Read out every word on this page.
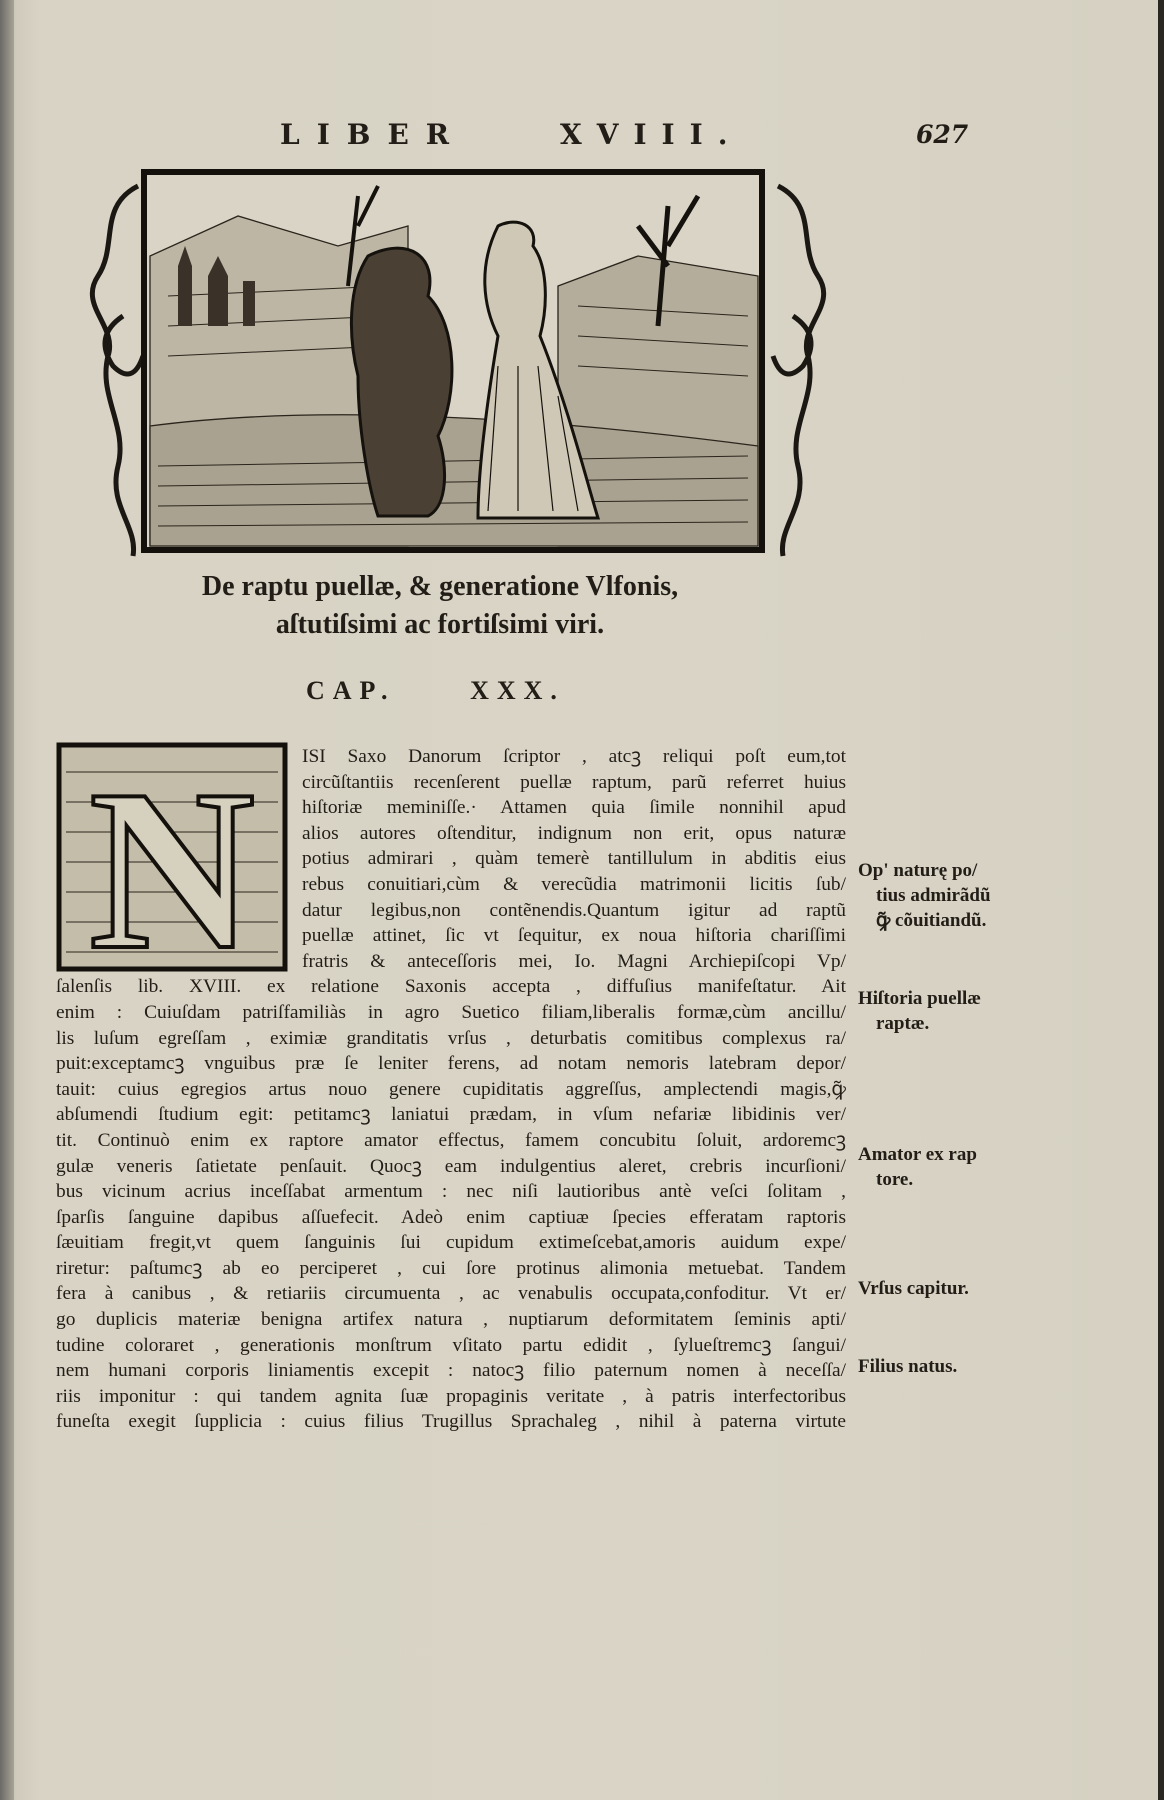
LIBER	XVIII.	627
De raptu puellæ, & generatione Vlfonis,
aſtutiſsimi ac fortiſsimi viri.
CAP.	XXX.
N ISI Saxo Danorum ſcriptor , atcꝫ reliqui poſt eum,tot
circũſtantiis recenſerent puellæ raptum, parũ referret huius
hiſtoriæ meminiſſe.· Attamen quia ſimile nonnihil apud
alios autores oſtenditur, indignum non erit, opus naturæ
potius admirari , quàm temerè tantillulum in abditis eius
rebus conuitiari,cùm & verecũdia matrimonii licitis ſub/
datur legibus,non contẽnendis.Quantum igitur ad raptũ
puellæ attinet, ſic vt ſequitur, ex noua hiſtoria chariſſimi
fratris & anteceſſoris mei, Io. Magni Archiepiſcopi Vp/
ſalenſis lib. XVIII. ex relatione Saxonis accepta , diffuſius manifeſtatur. Ait
enim : Cuiuſdam patriſfamiliàs in agro Suetico filiam,liberalis formæ,cùm ancillu/
lis luſum egreſſam , eximiæ granditatis vrſus , deturbatis comitibus complexus ra/
puit:exceptamcꝫ vnguibus præ ſe leniter ferens, ad notam nemoris latebram depor/
tauit: cuius egregios artus nouo genere cupiditatis aggreſſus, amplectendi magis,ꝙ̃
abſumendi ſtudium egit: petitamcꝫ laniatui prædam, in vſum nefariæ libidinis ver/
tit. Continuò enim ex raptore amator effectus, famem concubitu ſoluit, ardoremcꝫ
gulæ veneris ſatietate penſauit. Quocꝫ eam indulgentius aleret, crebris incurſioni/
bus vicinum acrius inceſſabat armentum : nec niſi lautioribus antè veſci ſolitam ,
ſparſis ſanguine dapibus aſſuefecit. Adeò enim captiuæ ſpecies efferatam raptoris
ſæuitiam fregit,vt quem ſanguinis ſui cupidum extimeſcebat,amoris auidum expe/
riretur: paſtumcꝫ ab eo perciperet , cui ſore protinus alimonia metuebat. Tandem
fera à canibus , & retiariis circumuenta , ac venabulis occupata,confoditur. Vt er/
go duplicis materiæ benigna artifex natura , nuptiarum deformitatem ſeminis apti/
tudine coloraret , generationis monſtrum vſitato partu edidit , ſylueſtremcꝫ ſangui/
nem humani corporis liniamentis excepit : natocꝫ filio paternum nomen à neceſſa/
riis imponitur : qui tandem agnita ſuæ propaginis veritate , à patris interfectoribus
funeſta exegit ſupplicia : cuius filius Trugillus Sprachaleg , nihil à paterna virtute
Op' naturę po/
tius admirãdũ
ꝙ̃ cõuitiandũ.
Hiſtoria puellæ
raptæ.
Amator ex rap
tore.
Vrſus capitur.
Filius natus.
